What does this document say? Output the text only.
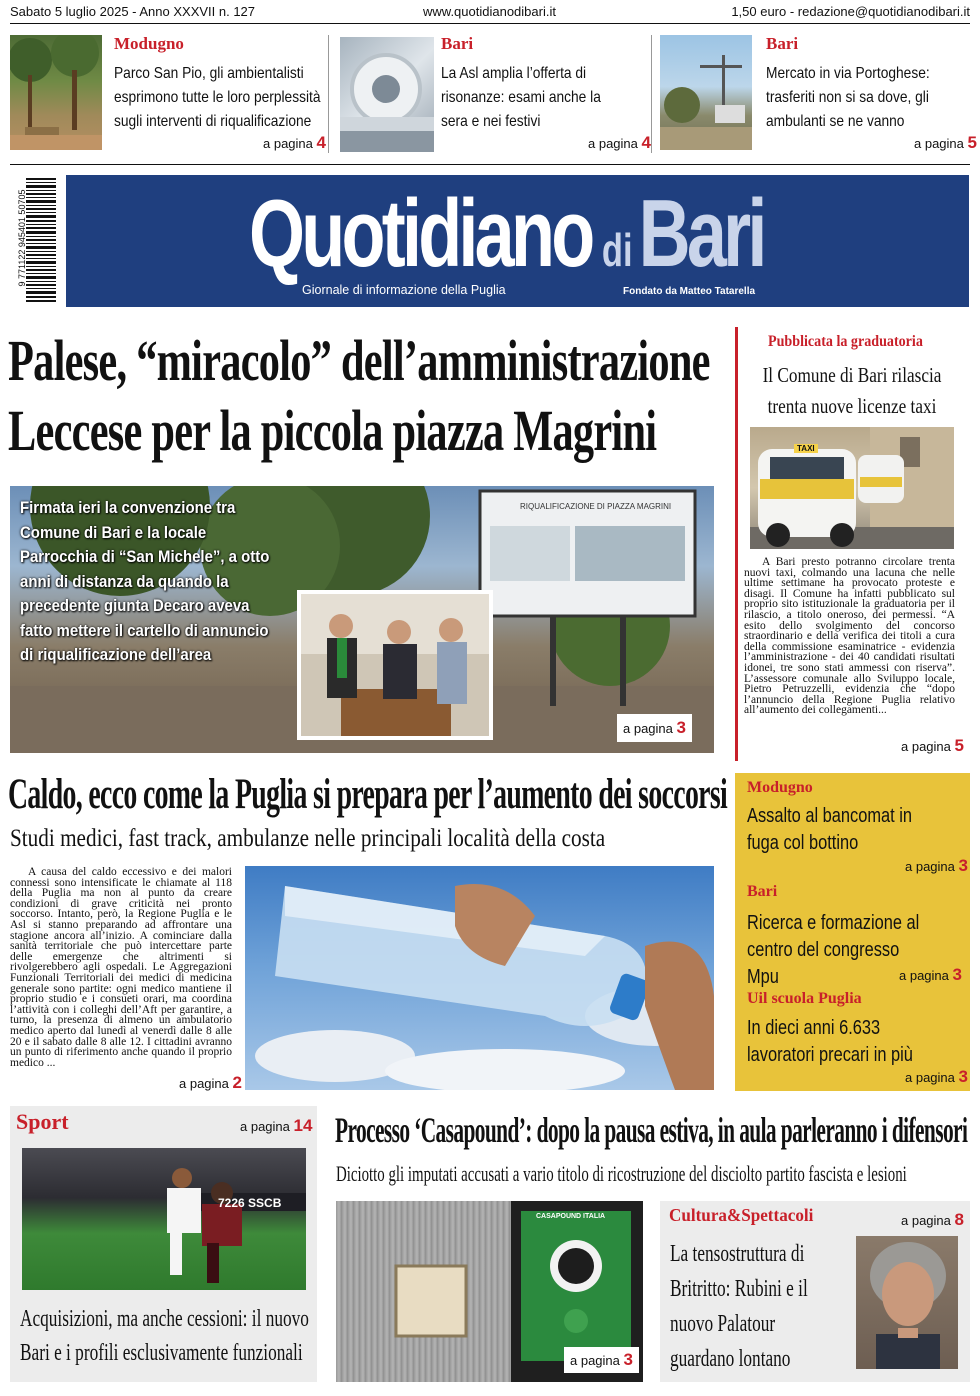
Sabato 5 luglio 2025 - Anno XXXVII n. 127	www.quotidianodibari.it	1,50 euro - redazione@quotidianodibari.it
Modugno
Parco San Pio, gli ambientalisti esprimono tutte le loro perplessità sugli interventi di riqualificazione
a pagina 4
Bari
La Asl amplia l’offerta di risonanze: esami anche la sera e nei festivi
a pagina 4
Bari
Mercato in via Portoghese: trasferiti non si sa dove, gli ambulanti se ne vanno
a pagina 5
9 771122 945401 50705 Quotidiano diBari
Giornale di informazione della Puglia	Fondato da Matteo Tatarella
Palese, “miracolo” dell’amministrazione
Leccese per la piccola piazza Magrini
RIQUALIFICAZIONE DI PIAZZA MAGRINI
Firmata ieri la convenzione tra Comune di Bari e la locale Parrocchia di “San Michele”, a otto anni di distanza da quando la precedente giunta Decaro aveva fatto mettere il cartello di annuncio di riqualificazione dell’area
a pagina 3
Pubblicata la graduatoria
Il Comune di Bari rilascia trenta nuove licenze taxi
TAXI
A Bari presto potranno circolare trenta nuovi taxi, colmando una lacuna che nelle ultime settimane ha provocato proteste e disagi. Il Comune ha infatti pubblicato sul proprio sito istituzionale la graduatoria per il rilascio, a titolo oneroso, dei permessi. “A esito dello svolgimento del concorso straordinario e della verifica dei titoli a cura della commissione esaminatrice - evidenzia l’amministrazione - dei 40 candidati risultati idonei, tre sono stati ammessi con riserva”. L’assessore comunale allo Sviluppo locale, Pietro Petruzzelli, evidenzia che “dopo l’annuncio della Regione Puglia relativo all’aumento dei collegamenti...
a pagina 5
Caldo, ecco come la Puglia si prepara per l’aumento dei soccorsi
Studi medici, fast track, ambulanze nelle principali località della costa
A causa del caldo eccessivo e dei malori connessi sono intensificate le chiamate al 118 della Puglia ma non al punto da creare condizioni di grave criticità nei pronto soccorso. Intanto, però, la Regione Puglia e le Asl si stanno preparando ad affrontare una stagione ancora all’inizio. A cominciare dalla sanità territoriale che può intercettare parte delle emergenze che altrimenti si rivolgerebbero agli ospedali. Le Aggregazioni Funzionali Territoriali dei medici di medicina generale sono partite: ogni medico mantiene il proprio studio e i consueti orari, ma coordina l’attività con i colleghi dell’Aft per garantire, a turno, la presenza di almeno un ambulatorio medico aperto dal lunedì al venerdì dalle 8 alle 20 e il sabato dalle 8 alle 12. I cittadini avranno un punto di riferimento anche quando il proprio medico ...
a pagina 2
Modugno
Assalto al bancomat in fuga col bottino
a pagina 3
Bari
Ricerca e formazione al centro del congresso Mpu	a pagina 3
Uil scuola Puglia
In dieci anni 6.633 lavoratori precari in più
a pagina 3
Sport	a pagina 14
7226 SSCB
Acquisizioni, ma anche cessioni: il nuovo Bari e i profili esclusivamente funzionali
Processo ‘Casapound’: dopo la pausa estiva, in aula parleranno i difensori
Diciotto gli imputati accusati a vario titolo di ricostruzione del disciolto partito fascista e lesioni
CASAPOUND ITALIA
a pagina 3
Cultura&Spettacoli	a pagina 8
La tensostruttura di Britritto: Rubini e il nuovo Palatour guardano lontano
